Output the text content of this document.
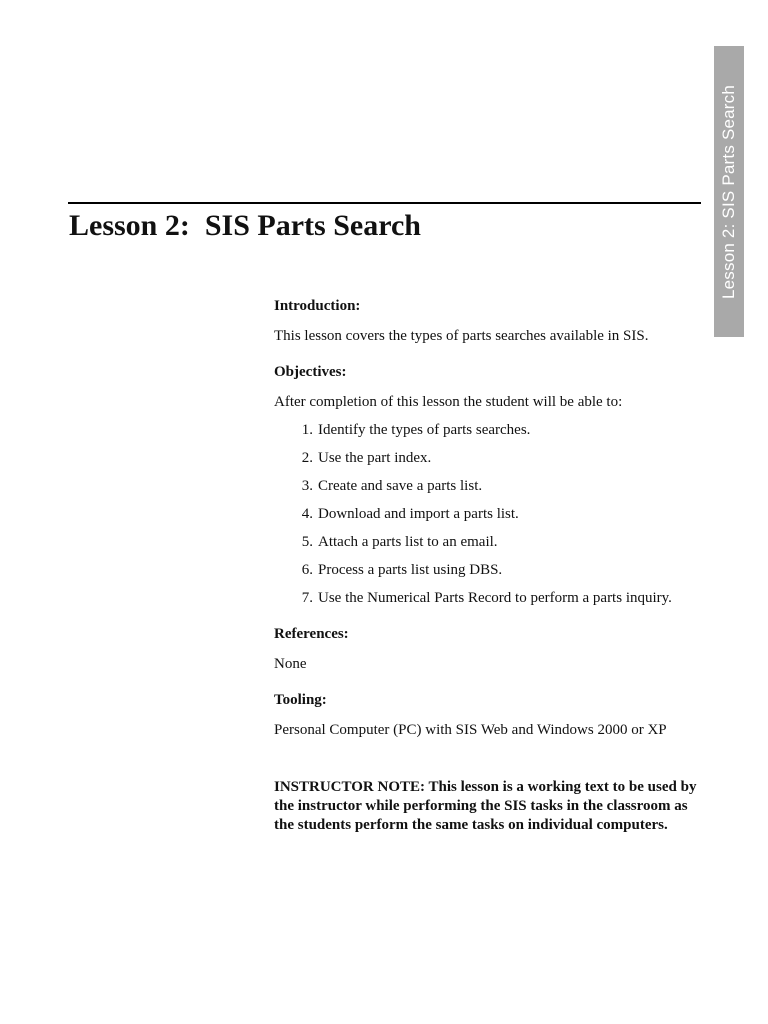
Lesson 2: SIS Parts Search
Lesson 2:  SIS Parts Search

Introduction:

This lesson covers the types of parts searches available in SIS.

Objectives:

After completion of this lesson the student will be able to:

1. Identify the types of parts searches.
2. Use the part index.
3. Create and save a parts list.
4. Download and import a parts list.
5. Attach a parts list to an email.
6. Process a parts list using DBS.
7. Use the Numerical Parts Record to perform a parts inquiry.

References:

None

Tooling:

Personal Computer (PC) with SIS Web and Windows 2000 or XP

INSTRUCTOR NOTE: This lesson is a working text to be used by the instructor while performing the SIS tasks in the classroom as the students perform the same tasks on individual computers.
